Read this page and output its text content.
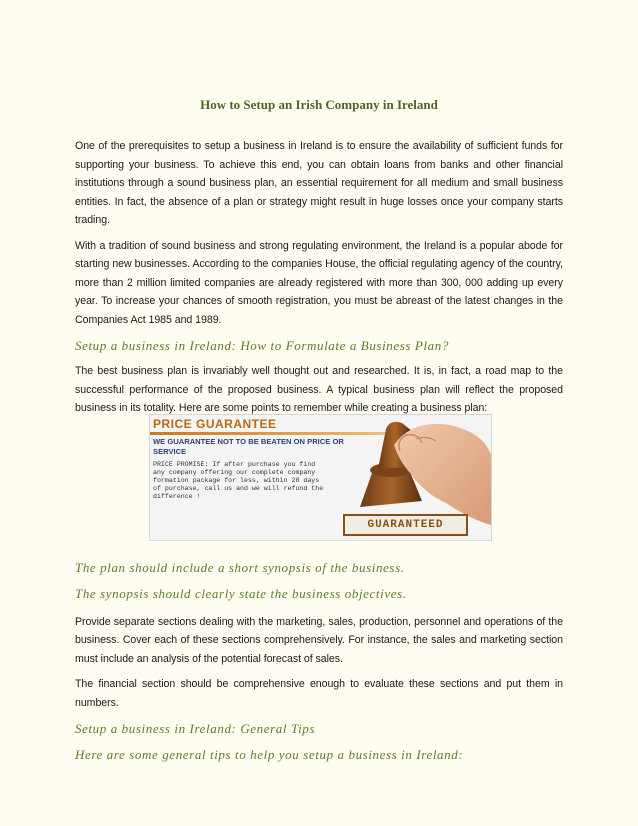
How to Setup an Irish Company in Ireland

One of the prerequisites to setup a business in Ireland is to ensure the availability of sufficient funds for supporting your business. To achieve this end, you can obtain loans from banks and other financial institutions through a sound business plan, an essential requirement for all medium and small business entities. In fact, the absence of a plan or strategy might result in huge losses once your company starts trading.

With a tradition of sound business and strong regulating environment, the Ireland is a popular abode for starting new businesses. According to the companies House, the official regulating agency of the country, more than 2 million limited companies are already registered with more than 300, 000 adding up every year. To increase your chances of smooth registration, you must be abreast of the latest changes in the Companies Act 1985 and 1989.

Setup a business in Ireland: How to Formulate a Business Plan?

The best business plan is invariably well thought out and researched. It is, in fact, a road map to the successful performance of the proposed business. A typical business plan will reflect the proposed business in its totality. Here are some points to remember while creating a business plan:

The plan should include a short synopsis of the business.
The synopsis should clearly state the business objectives.

Provide separate sections dealing with the marketing, sales, production, personnel and operations of the business. Cover each of these sections comprehensively. For instance, the sales and marketing section must include an analysis of the potential forecast of sales.

The financial section should be comprehensive enough to evaluate these sections and put them in numbers.

Setup a business in Ireland: General Tips
Here are some general tips to help you setup a business in Ireland:
PRICE GUARANTEE
WE GUARANTEE NOT TO BE BEATEN ON PRICE OR SERVICE
PRICE PROMISE: If after purchase you find
any company offering our complete company
formation package for less, within 28 days
of purchase, call us and we will refund the
difference !
GUARANTEED
